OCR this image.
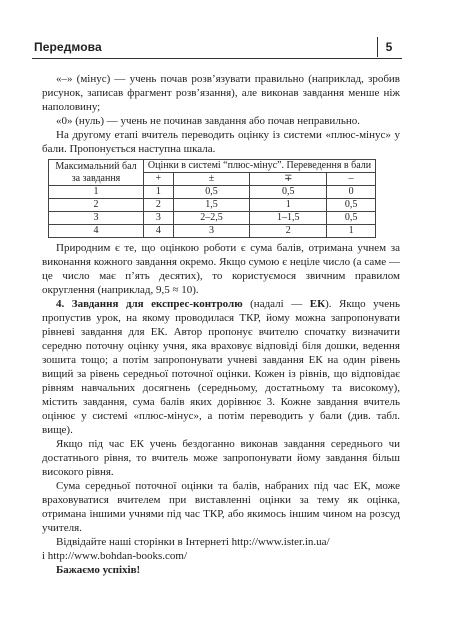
Передмова	5

«–» (мінус) — учень почав розв’язувати правильно (наприклад, зробив рисунок, записав фрагмент розв’язання), але виконав завдання менше ніж наполовину;

«0» (нуль) — учень не починав завдання або почав неправильно.

На другому етапі вчитель переводить оцінку із системи «плюс-мінус» у бали. Пропонується наступна шкала.

Максимальний бал за завдання	Оцінки в системі “плюс-мінус”. Переведення в бали			
	+	±	∓	–
1	1	0,5	0,5	0
2	2	1,5	1	0,5
3	3	2–2,5	1–1,5	0,5
4	4	3	2	1

Природним є те, що оцінкою роботи є сума балів, отримана учнем за виконання кожного завдання окремо. Якщо сумою є неціле число (а саме — це число має п’ять десятих), то користуємося звичним правилом округлення (наприклад, 9,5 ≈ 10).

4. Завдання для експрес-контролю (надалі — ЕК). Якщо учень пропустив урок, на якому проводилася ТКР, йому можна запропонувати рівневі завдання для ЕК. Автор пропонує вчителю спочатку визначити середню поточну оцінку учня, яка враховує відповіді біля дошки, ведення зошита тощо; а потім запропонувати учневі завдання ЕК на один рівень вищий за рівень середньої поточної оцінки. Кожен із рівнів, що відповідає рівням навчальних досягнень (середньому, достатньому та високому), містить завдання, сума балів яких дорівнює 3. Кожне завдання вчитель оцінює у системі «плюс-мінус», а потім переводить у бали (див. табл. вище).

Якщо під час ЕК учень бездоганно виконав завдання середнього чи достатнього рівня, то вчитель може запропонувати йому завдання більш високого рівня.

Сума середньої поточної оцінки та балів, набраних під час ЕК, може враховуватися вчителем при виставленні оцінки за тему як оцінка, отримана іншими учнями під час ТКР, або якимось іншим чином на розсуд учителя.

Відвідайте наші сторінки в Інтернеті http://www.ister.in.ua/

і http://www.bohdan-books.com/

Бажаємо успіхів!
